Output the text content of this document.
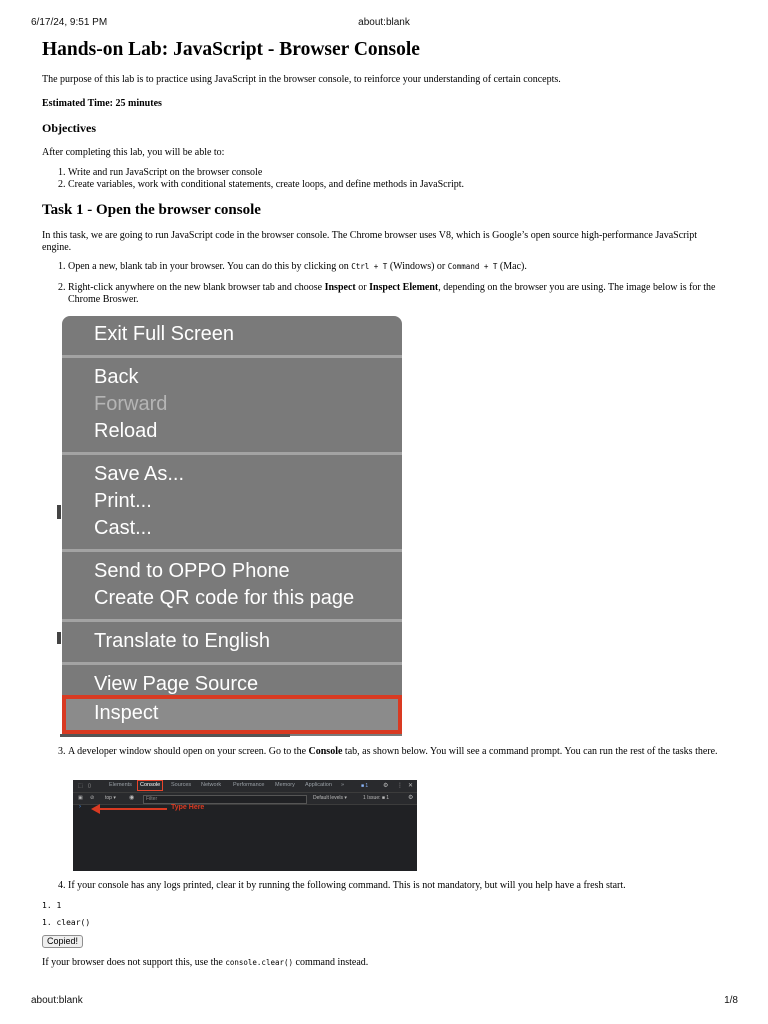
6/17/24, 9:51 PM	about:blank
Hands-on Lab: JavaScript - Browser Console

The purpose of this lab is to practice using JavaScript in the browser console, to reinforce your understanding of certain concepts.

Estimated Time: 25 minutes

Objectives

After completing this lab, you will be able to:

1. Write and run JavaScript on the browser console
2. Create variables, work with conditional statements, create loops, and define methods in JavaScript.
Task 1 - Open the browser console

In this task, we are going to run JavaScript code in the browser console. The Chrome browser uses V8, which is Google’s open source high-performance JavaScript engine.

1. Open a new, blank tab in your browser. You can do this by clicking on Ctrl + T (Windows) or Command + T (Mac).
2. Right-click anywhere on the new blank browser tab and choose Inspect or Inspect Element, depending on the browser you are using. The image below is for the Chrome Broswer.
Exit Full Screen
Back
Forward
Reload
Save As...
Print...
Cast...
Send to OPPO Phone
Create QR code for this page
Translate to English
View Page Source
Inspect
3. A developer window should open on your screen. Go to the Console tab, as shown below. You will see a command prompt. You can run the rest of the tasks there.
⬚ ▯	Elements	Console	Sources Network Performance Memory Application »	■ 1 ⚙ ⋮ ✕
▣ ⊘ top ▾ ◉	Default levels ▾	1 Issue: ■ 1	⚙
Filter
›	Type Here
4. If your console has any logs printed, clear it by running the following command. This is not mandatory, but will you help have a fresh start.
1. 1
1. clear()
Copied!

If your browser does not support this, use the console.clear() command instead.

about:blank	1/8
